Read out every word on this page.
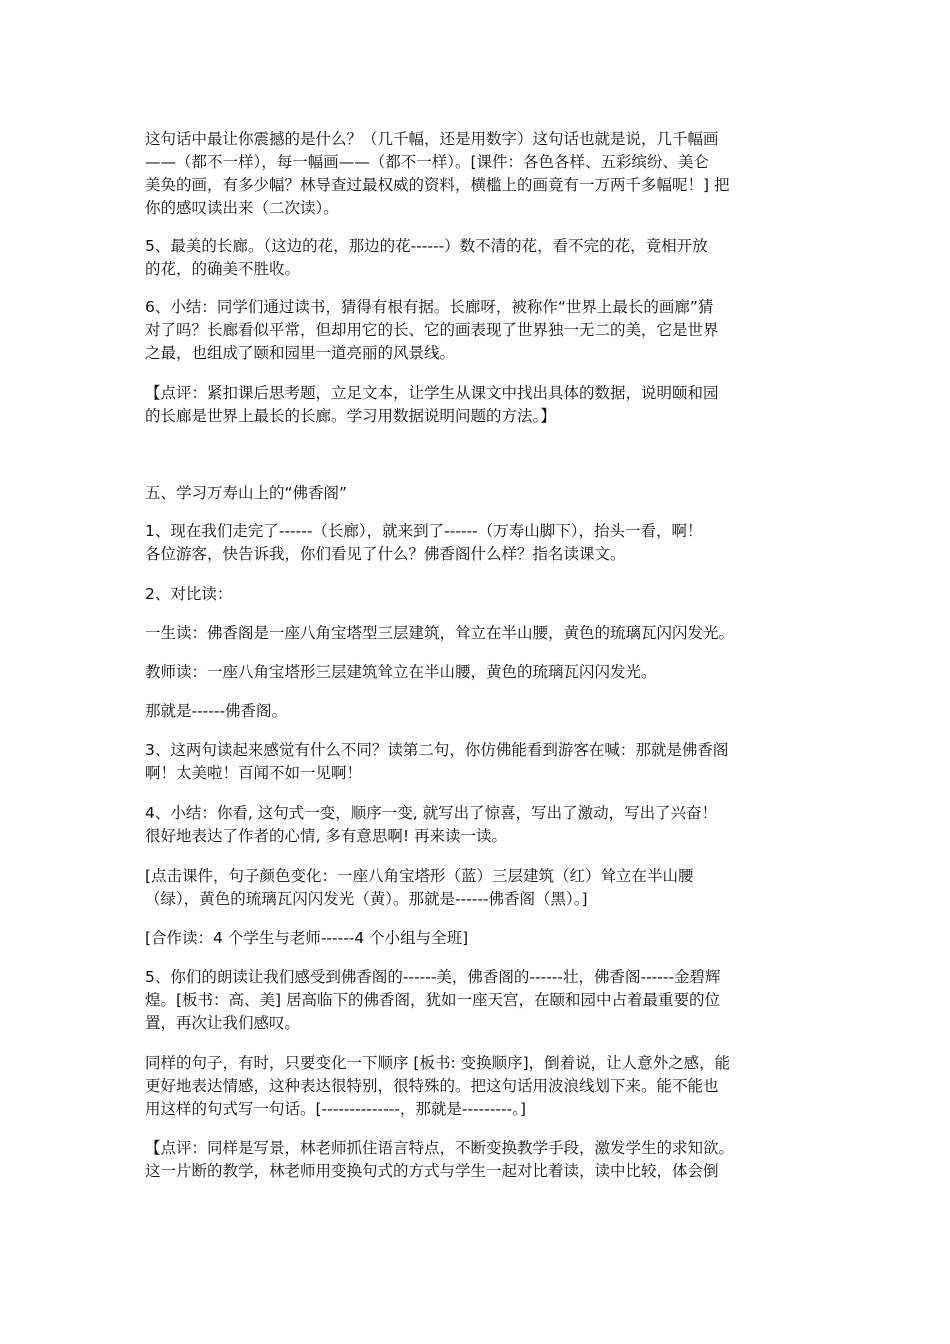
这句话中最让你震撼的是什么？（几千幅，还是用数字）这句话也就是说，几千幅画
——（都不一样），每一幅画——（都不一样）。[课件：各色各样、五彩缤纷、美仑
美奂的画，有多少幅？林导查过最权威的资料，横槛上的画竟有一万两千多幅呢！] 把
你的感叹读出来（二次读）。
5、最美的长廊。（这边的花，那边的花------）数不清的花，看不完的花，竟相开放
的花，的确美不胜收。
6、小结：同学们通过读书，猜得有根有据。长廊呀，被称作“世界上最长的画廊”猜
对了吗？长廊看似平常，但却用它的长、它的画表现了世界独一无二的美，它是世界
之最，也组成了颐和园里一道亮丽的风景线。
【点评：紧扣课后思考题，立足文本，让学生从课文中找出具体的数据，说明颐和园
的长廊是世界上最长的长廊。学习用数据说明问题的方法。】
五、学习万寿山上的“佛香阁”
1、现在我们走完了------（长廊），就来到了------（万寿山脚下），抬头一看，啊！
各位游客，快告诉我，你们看见了什么？佛香阁什么样？指名读课文。
2、对比读：
一生读：佛香阁是一座八角宝塔型三层建筑，耸立在半山腰，黄色的琉璃瓦闪闪发光。
教师读：一座八角宝塔形三层建筑耸立在半山腰，黄色的琉璃瓦闪闪发光。
那就是------佛香阁。
3、这两句读起来感觉有什么不同？读第二句，你仿佛能看到游客在喊：那就是佛香阁
啊！太美啦！百闻不如一见啊！
4、小结：你看, 这句式一变，顺序一变, 就写出了惊喜，写出了激动，写出了兴奋！
很好地表达了作者的心情, 多有意思啊! 再来读一读。
[点击课件，句子颜色变化：一座八角宝塔形（蓝）三层建筑（红）耸立在半山腰
（绿），黄色的琉璃瓦闪闪发光（黄）。那就是------佛香阁（黑）。]
[合作读：4 个学生与老师------4 个小组与全班]
5、你们的朗读让我们感受到佛香阁的------美，佛香阁的------壮，佛香阁------金碧辉
煌。[板书：高、美] 居高临下的佛香阁，犹如一座天宫，在颐和园中占着最重要的位
置，再次让我们感叹。
同样的句子，有时，只要变化一下顺序 [板书: 变换顺序]，倒着说，让人意外之感，能
更好地表达情感，这种表达很特别，很特殊的。把这句话用波浪线划下来。能不能也
用这样的句式写一句话。[--------------，那就是---------。]
【点评：同样是写景，林老师抓住语言特点，不断变换教学手段，激发学生的求知欲。
这一片断的教学，林老师用变换句式的方式与学生一起对比着读，读中比较，体会倒
